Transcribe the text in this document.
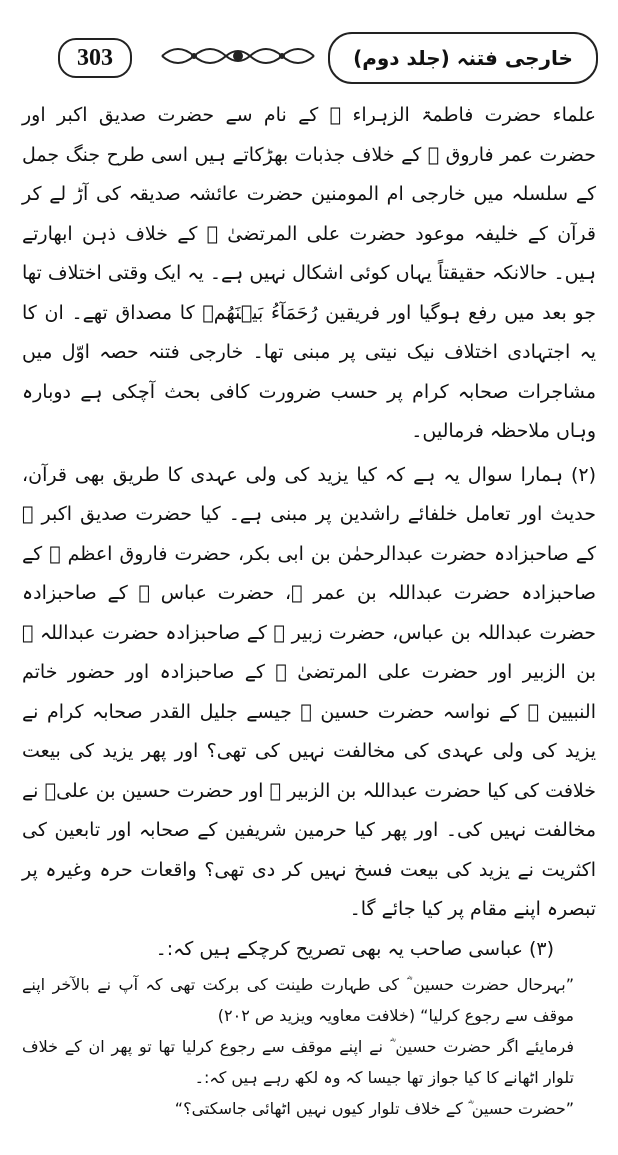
303	خارجی فتنہ (جلد دوم)

علماء حضرت فاطمۃ الزہراء ؓ کے نام سے حضرت صدیق اکبر اور حضرت عمر فاروق ؓ کے خلاف جذبات بھڑکاتے ہیں اسی طرح جنگ جمل کے سلسلہ میں خارجی ام المومنین حضرت عائشہ صدیقہ کی آڑ لے کر قرآن کے خلیفہ موعود حضرت علی المرتضیٰ ؓ کے خلاف ذہن ابھارتے ہیں۔ حالانکہ حقیقتاً یہاں کوئی اشکال نہیں ہے۔ یہ ایک وقتی اختلاف تھا جو بعد میں رفع ہوگیا اور فریقین رُحَمَآءُ بَیۡنَھُمۡ کا مصداق تھے۔ ان کا یہ اجتہادی اختلاف نیک نیتی پر مبنی تھا۔ خارجی فتنہ حصہ اوّل میں مشاجرات صحابہ کرام پر حسب ضرورت کافی بحث آچکی ہے دوبارہ وہاں ملاحظہ فرمالیں۔

(۲) ہمارا سوال یہ ہے کہ کیا یزید کی ولی عہدی کا طریق بھی قرآن، حدیث اور تعامل خلفائے راشدین پر مبنی ہے۔ کیا حضرت صدیق اکبر ؓ کے صاحبزادہ حضرت عبدالرحمٰن بن ابی بکر، حضرت فاروق اعظم ؓ کے صاحبزادہ حضرت عبداللہ بن عمر ؓ، حضرت عباس ؓ کے صاحبزادہ حضرت عبداللہ بن عباس، حضرت زبیر ؓ کے صاحبزادہ حضرت عبداللہ ؓ بن الزبیر اور حضرت علی المرتضیٰ ؓ کے صاحبزادہ اور حضور خاتم النبیین ﷺ کے نواسہ حضرت حسین ؓ جیسے جلیل القدر صحابہ کرام نے یزید کی ولی عہدی کی مخالفت نہیں کی تھی؟ اور پھر یزید کی بیعت خلافت کی کیا حضرت عبداللہ بن الزبیر ؓ اور حضرت حسین بن علیؓ نے مخالفت نہیں کی۔ اور پھر کیا حرمین شریفین کے صحابہ اور تابعین کی اکثریت نے یزید کی بیعت فسخ نہیں کر دی تھی؟ واقعات حرہ وغیرہ پر تبصرہ اپنے مقام پر کیا جائے گا۔

(۳) عباسی صاحب یہ بھی تصریح کرچکے ہیں کہ:۔

”بہرحال حضرت حسین ؓ کی طہارت طینت کی برکت تھی کہ آپ نے بالآخر اپنے موقف سے رجوع کرلیا“ (خلافت معاویہ ویزید ص ۲۰۲)

فرمایئے اگر حضرت حسین ؓ نے اپنے موقف سے رجوع کرلیا تھا تو پھر ان کے خلاف تلوار اٹھانے کا کیا جواز تھا جیسا کہ وہ لکھ رہے ہیں کہ:۔

”حضرت حسین ؓ کے خلاف تلوار کیوں نہیں اٹھائی جاسکتی؟“
